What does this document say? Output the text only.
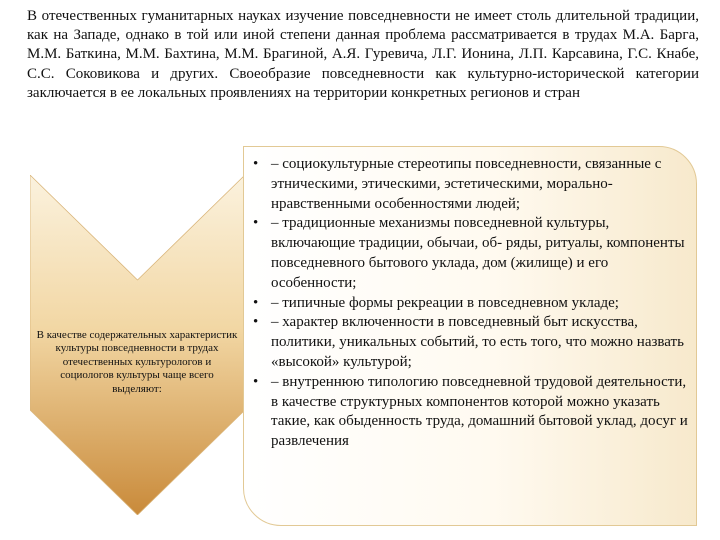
В отечественных гуманитарных науках изучение повседневности не имеет столь длительной традиции, как на Западе, однако в той или иной степени данная проблема рассматривается в трудах М.А. Барга, М.М. Баткина, М.М. Бахтина, М.М. Брагиной, А.Я. Гуревича, Л.Г. Ионина, Л.П. Карсавина, Г.С. Кнабе, С.С. Соковикова и других. Своеобразие повседневности как культурно-исторической категории заключается в ее локальных проявлениях на территории конкретных регионов и стран

В качестве содержательных характеристик культуры повседневности в трудах отечественных культурологов и социологов культуры чаще всего выделяют:

• – социокультурные стереотипы повседневности, связанные с этническими, этическими, эстетическими, морально-нравственными особенностями людей;
• – традиционные механизмы повседневной культуры, включающие традиции, обычаи, об- ряды, ритуалы, компоненты повседневного бытового уклада, дом (жилище) и его особенности;
• – типичные формы рекреации в повседневном укладе;
• – характер включенности в повседневный быт искусства, политики, уникальных событий, то есть того, что можно назвать «высокой» культурой;
• – внутреннюю типологию повседневной трудовой деятельности, в качестве структурных компонентов которой можно указать такие, как обыденность труда, домашний бытовой уклад, досуг и развлечения
